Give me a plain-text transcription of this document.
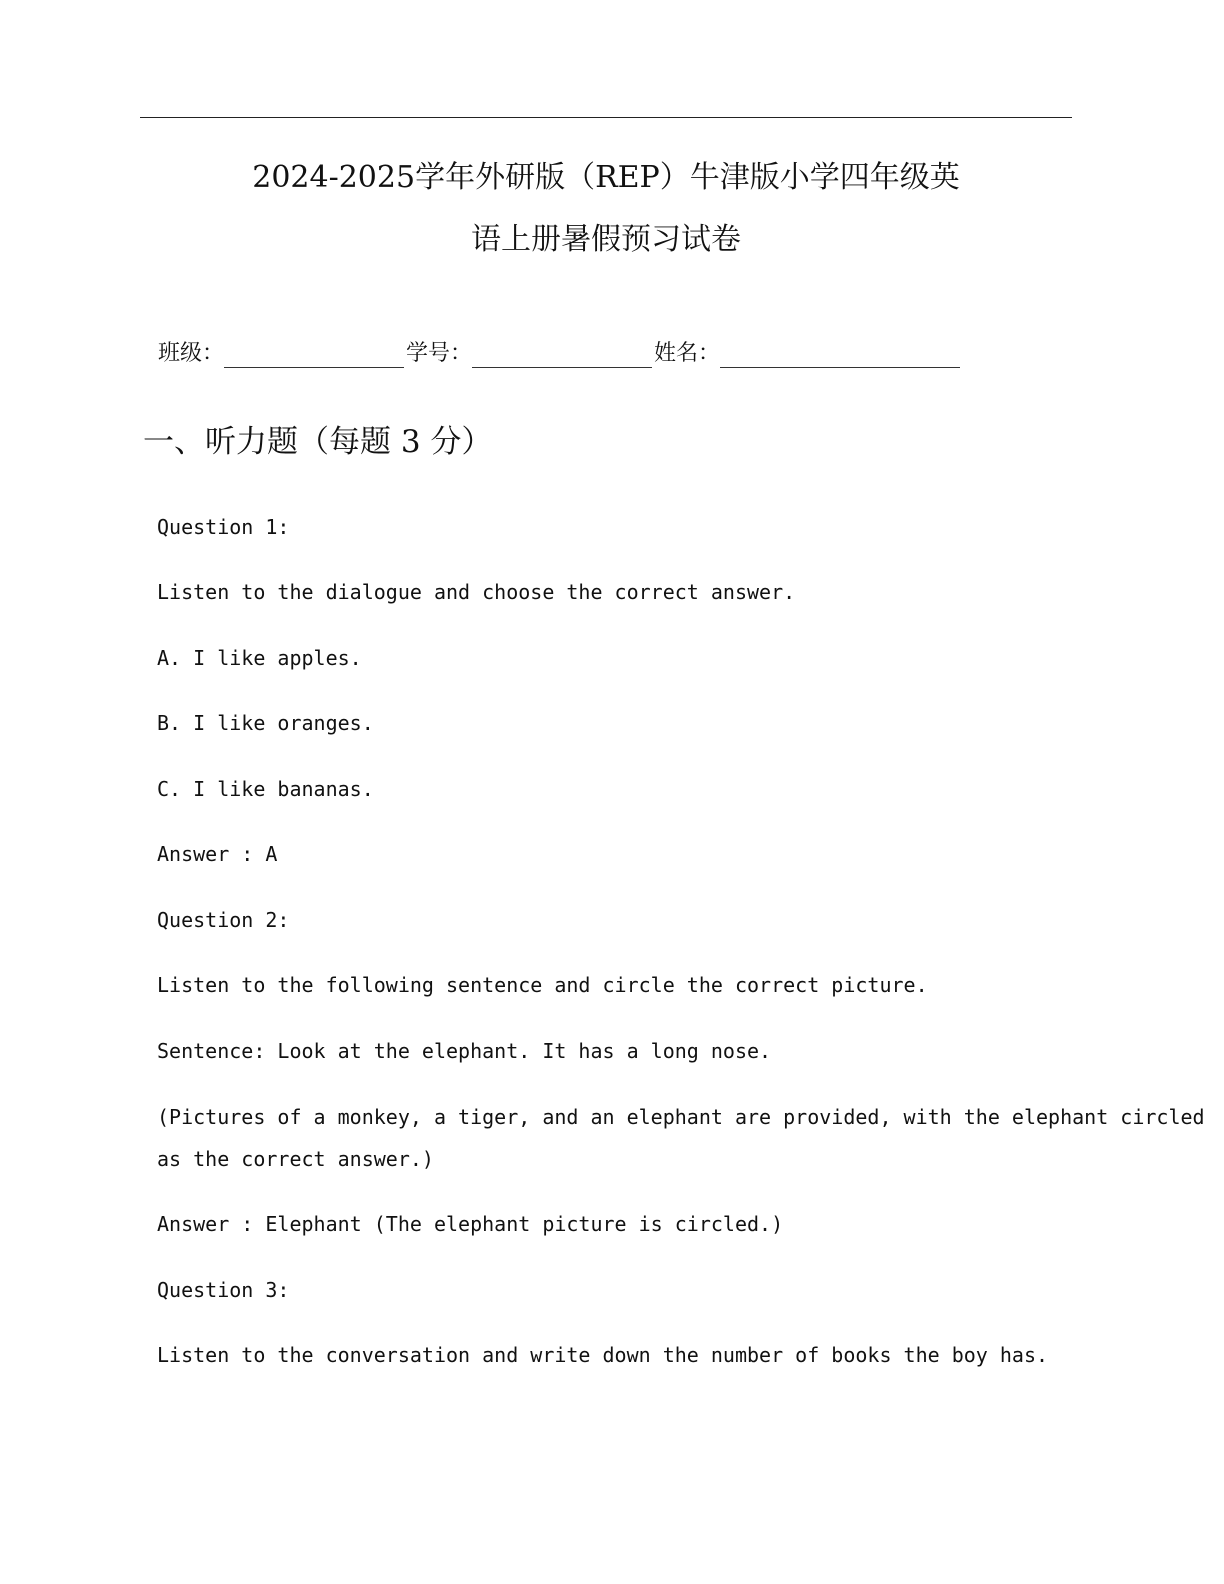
2024-2025学年外研版（REP）牛津版小学四年级英
语上册暑假预习试卷
班级：	学号：	姓名：
一、听力题（每题 3 分）
Question 1:
Listen to the dialogue and choose the correct answer.
A. I like apples.
B. I like oranges.
C. I like bananas.
Answer : A
Question 2:
Listen to the following sentence and circle the correct picture.
Sentence: Look at the elephant. It has a long nose.
(Pictures of a monkey, a tiger, and an elephant are provided, with the elephant circled as the correct answer.)
Answer : Elephant (The elephant picture is circled.)
Question 3:
Listen to the conversation and write down the number of books the boy has.
